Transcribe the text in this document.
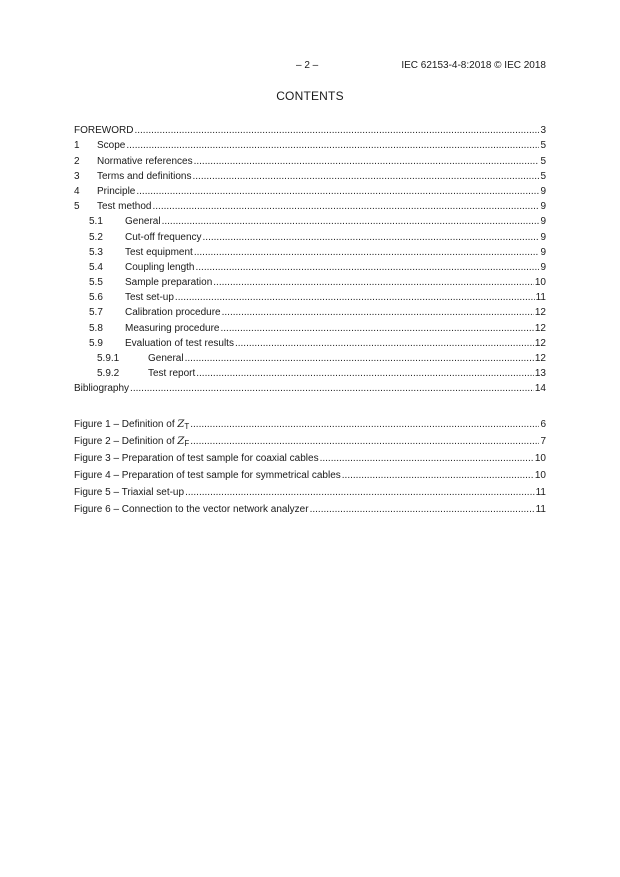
– 2 –	IEC 62153-4-8:2018 © IEC 2018
CONTENTS
FOREWORD .....	3
1	Scope .....	5
2	Normative references .....	5
3	Terms and definitions .....	5
4	Principle .....	9
5	Test method .....	9
5.1	General .....	9
5.2	Cut-off frequency .....	9
5.3	Test equipment .....	9
5.4	Coupling length .....	9
5.5	Sample preparation .....	10
5.6	Test set-up .....	11
5.7	Calibration procedure .....	12
5.8	Measuring procedure .....	12
5.9	Evaluation of test results .....	12
5.9.1	General .....	12
5.9.2	Test report .....	13
Bibliography .....	14
Figure 1 – Definition of $Z_T$ .....	6
Figure 2 – Definition of $Z_F$ .....	7
Figure 3 – Preparation of test sample for coaxial cables .....	10
Figure 4 – Preparation of test sample for symmetrical cables .....	10
Figure 5 – Triaxial set-up .....	11
Figure 6 – Connection to the vector network analyzer .....	11
